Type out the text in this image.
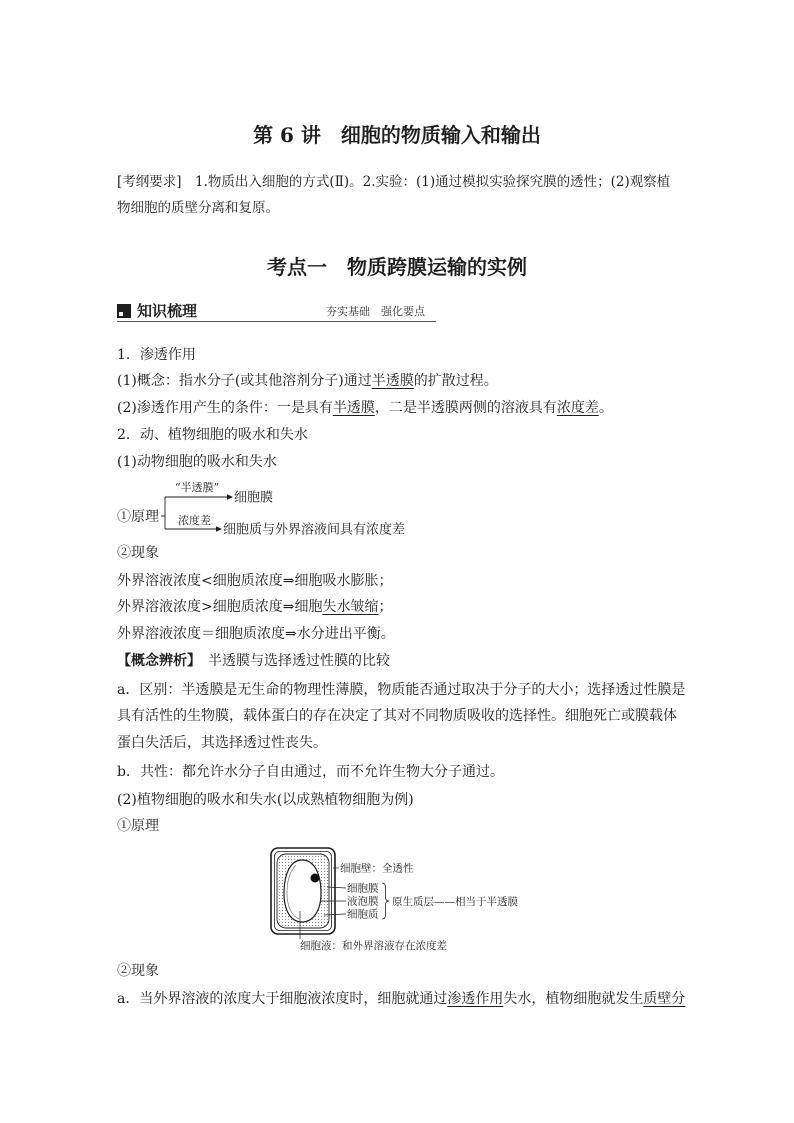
第 6 讲　细胞的物质输入和输出
[考纲要求]　1.物质出入细胞的方式(Ⅱ)。2.实验：(1)通过模拟实验探究膜的透性；(2)观察植
物细胞的质壁分离和复原。
考点一　物质跨膜运输的实例
知识梳理	夯实基础　强化要点
1．渗透作用
(1)概念：指水分子(或其他溶剂分子)通过半透膜的扩散过程。
(2)渗透作用产生的条件：一是具有半透膜，二是半透膜两侧的溶液具有浓度差。
2．动、植物细胞的吸水和失水
(1)动物细胞的吸水和失水
①原理
“半透膜”
细胞膜
浓度差
细胞质与外界溶液间具有浓度差
②现象
外界溶液浓度<细胞质浓度⇒细胞吸水膨胀；
外界溶液浓度>细胞质浓度⇒细胞失水皱缩；
外界溶液浓度＝细胞质浓度⇒水分进出平衡。
【概念辨析】　半透膜与选择透过性膜的比较
a．区别：半透膜是无生命的物理性薄膜，物质能否通过取决于分子的大小；选择透过性膜是
具有活性的生物膜，载体蛋白的存在决定了其对不同物质吸收的选择性。细胞死亡或膜载体
蛋白失活后，其选择透过性丧失。
b．共性：都允许水分子自由通过，而不允许生物大分子通过。
(2)植物细胞的吸水和失水(以成熟植物细胞为例)
①原理
细胞壁：全透性
细胞膜
液泡膜
细胞质
原生质层——相当于半透膜
细胞液：和外界溶液存在浓度差
②现象
a．当外界溶液的浓度大于细胞液浓度时，细胞就通过渗透作用失水，植物细胞就发生质壁分
